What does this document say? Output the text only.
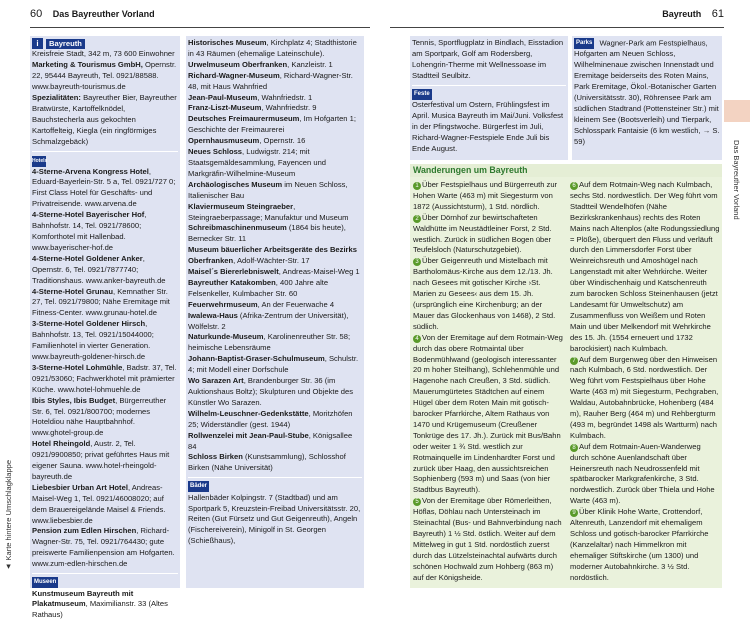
60 Das Bayreuther Vorland
▲ Karte hintere Umschlagklappe

i Bayreuth

Kreisfreie Stadt, 342 m, 73 600 Einwohner

Marketing & Tourismus GmbH, Opernstr. 22, 95444 Bayreuth, Tel. 0921/88588. www.bayreuth-tourismus.de

Spezialitäten: Bayreuther Bier, Bayreuther Bratwürste, Kartoffelknödel, Bauchstecherla aus gekochten Kartoffelteig, Kiegla (ein ringförmiges Schmalzgebäck)

Hotels

4-Sterne-Arvena Kongress Hotel, Eduard-Bayerlein-Str. 5 a, Tel. 0921/727 0; First Class Hotel für Geschäfts- und Privatreisende. www.arvena.de

4-Sterne-Hotel Bayerischer Hof, Bahnhofstr. 14, Tel. 0921/78600; Komforthotel mit Hallenbad. www.bayerischer-hof.de

4-Sterne-Hotel Goldener Anker, Opernstr. 6, Tel. 0921/7877740; Traditionshaus. www.anker-bayreuth.de

4-Sterne-Hotel Grunau, Kemnather Str. 27, Tel. 0921/79800; Nähe Eremitage mit Fitness-Center. www.grunau-hotel.de

3-Sterne-Hotel Goldener Hirsch, Bahnhofstr. 13, Tel. 0921/15044000; Familienhotel in vierter Generation. www.bayreuth-goldener-hirsch.de

3-Sterne-Hotel Lohmühle, Badstr. 37, Tel. 0921/53060; Fachwerkhotel mit prämierter Küche. www.hotel-lohmuehle.de

Ibis Styles, Ibis Budget, Bürgerreuther Str. 6, Tel. 0921/800700; modernes Hoteldiou nähe Hauptbahnhof. www.ghotel-group.de

Hotel Rheingold, Austr. 2, Tel. 0921/9900850; privat geführtes Haus mit eigener Sauna. www.hotel-rheingold-bayreuth.de

Liebesbier Urban Art Hotel, Andreas-Maisel-Weg 1, Tel. 0921/46008020; auf dem Brauereigelände Maisel & Friends. www.liebesbier.de

Pension zum Edlen Hirschen, Richard-Wagner-Str. 75, Tel. 0921/764430; gute preiswerte Familienpension am Hofgarten. www.zum-edlen-hirschen.de

Museen

Kunstmuseum Bayreuth mit Plakatmuseum, Maximilianstr. 33 (Altes Rathaus)

Historisches Museum, Kirchplatz 4; Stadthistorie in 43 Räumen (ehemalige Lateinschule).

Urwelmuseum Oberfranken, Kanzleistr. 1

Richard-Wagner-Museum, Richard-Wagner-Str. 48, mit Haus Wahnfried

Jean-Paul-Museum, Wahnfriedstr. 1

Franz-Liszt-Museum, Wahnfriedstr. 9

Deutsches Freimaurermuseum, Im Hofgarten 1; Geschichte der Freimaurerei

Opernhausmuseum, Opernstr. 16

Neues Schloss, Ludwigstr. 214; mit Staatsgemäldesammlung, Fayencen und Markgräfin-Wilhelmine-Museum

Archäologisches Museum im Neuen Schloss, Italienischer Bau

Klaviermuseum Steingraeber, Steingraeberpassage; Manufaktur und Museum

Schreibmaschinenmuseum (1864 bis heute), Bernecker Str. 11

Museum bäuerlicher Arbeitsgeräte des Bezirks Oberfranken, Adolf-Wächter-Str. 17

Maisel´s Biererlebniswelt, Andreas-Maisel-Weg 1

Bayreuther Katakomben, 400 Jahre alte Felsenkeller, Kulmbacher Str. 60

Feuerwehrmuseum, An der Feuerwache 4

Iwalewa-Haus (Afrika-Zentrum der Universität), Wölfelstr. 2

Naturkunde-Museum, Karolinenreuther Str. 58; heimische Lebensräume

Johann-Baptist-Graser-Schulmuseum, Schulstr. 4; mit Modell einer Dorfschule

Wo Sarazen Art, Brandenburger Str. 36 (im Auktionshaus Boltz); Skulpturen und Objekte des Künstler Wo Sarazen.

Wilhelm-Leuschner-Gedenkstätte, Moritzhöfen 25; Widerständler (gest. 1944)

Rollwenzelei mit Jean-Paul-Stube, Königsallee 84

Schloss Birken (Kunstsammlung), Schlosshof Birken (Nähe Universität)

Bäder

Hallenbäder Kolpingstr. 7 (Stadtbad) und am Sportpark 5, Kreuzstein-Freibad Universitätsstr. 20, Reiten (Gut Fürsetz und Gut Geigenreuth), Angeln (Fischereiverein), Minigolf in St. Georgen (Schießhaus),

Bayreuth 61
Das Bayreuther Vorland

Tennis, Sportflugplatz in Bindlach, Eisstadion am Sportpark, Golf am Rodersberg, Lohengrin-Therme mit Wellnessoase im Stadtteil Seulbitz.

Feste

Osterfestival um Ostern, Frühlingsfest im April. Musica Bayreuth im Mai/Juni. Volksfest in der Pfingstwoche. Bürgerfest im Juli, Richard-Wagner-Festspiele Ende Juli bis Ende August.

Parks Wagner-Park am Festspielhaus, Hofgarten am Neuen Schloss, Wilhelminenaue zwischen Innenstadt und Eremitage beiderseits des Roten Mains, Park Eremitage, Ökol.-Botanischer Garten (Universitätsstr. 30), Röhrensee Park am südlichen Stadtrand (Pottensteiner Str.) mit kleinem See (Bootsverleih) und Tierpark, Schlosspark Fantaisie (6 km westlich, → S. 59)

Wanderungen um Bayreuth

1 Über Festspielhaus und Bürgerreuth zur Hohen Warte (463 m) mit Siegesturm von 1872 (Aussichtsturm), 1 Std. nördlich.

2 Über Dörnhof zur bewirtschafteten Waldhütte im Neustädtleiner Forst, 2 Std. westlich. Zurück in südlichen Bogen über Teufelsloch (Naturschutzgebiet).

3 Über Geigenreuth und Mistelbach mit Bartholomäus-Kirche aus dem 12./13. Jh. nach Gesees mit gotischer Kirche ›St. Marien zu Gesees‹ aus dem 15. Jh. (ursprünglich eine Kirchenburg; an der Mauer das Glockenhaus von 1468), 2 Std. südlich.

4 Von der Eremitage auf dem Rotmain-Weg durch das obere Rotmaintal über Bodenmühlwand (geologisch interessanter 20 m hoher Steilhang), Schlehenmühle und Hagenohe nach Creußen, 3 Std. südlich. Mauerumgürtetes Städtchen auf einem Hügel über dem Roten Main mit gotisch-barocker Pfarrkirche, Altem Rathaus von 1470 und Krügemuseum (Creußener Tonkrüge des 17. Jh.). Zurück mit Bus/Bahn oder weiter 1 ¾ Std. westlich zur Rotmainquelle im Lindenhardter Forst und zurück über Haag, den aussichtsreichen Sophienberg (593 m) und Saas (von hier Stadtbus Bayreuth).

5 Von der Eremitage über Römerleithen, Höflas, Döhlau nach Untersteinach im Steinachtal (Bus- und Bahnverbindung nach Bayreuth) 1 ½ Std. östlich. Weiter auf dem Mittelweg in gut 1 Std. nordöstlich zuerst durch das Lützelsteinachtal aufwärts durch schönen Hochwald zum Hohberg (863 m) auf der Königsheide.

6 Auf dem Rotmain-Weg nach Kulmbach, sechs Std. nordwestlich. Der Weg führt vom Stadtteil Wendelhöfen (Nähe Bezirkskrankenhaus) rechts des Roten Mains nach Altenplos (alte Rodungssiedlung = Plöße), überquert den Fluss und verläuft durch den Limmersdorfer Forst über Weinreichsreuth und Amoshügel nach Langenstadt mit alter Wehrkirche. Weiter über Windischenhaig und Katschenreuth zum barocken Schloss Steinenhausen (jetzt Landesamt für Umweltschutz) am Zusammenfluss von Weißem und Roten Main und über Melkendorf mit Wehrkirche des 15. Jh. (1554 erneuert und 1732 barockisiert) nach Kulmbach.

7 Auf dem Burgenweg über den Hinweisen nach Kulmbach, 6 Std. nordwestlich. Der Weg führt vom Festspielhaus über Hohe Warte (463 m) mit Siegesturm, Pechgraben, Waldau, Autobahnbrücke, Hohenberg (484 m), Rauher Berg (464 m) und Rehbergturm (493 m, begründet 1498 als Wartturm) nach Kulmbach.

8 Auf dem Rotmain-Auen-Wanderweg durch schöne Auenlandschaft über Heinersreuth nach Neudrossenfeld mit spätbarocker Markgrafenkirche, 3 Std. nordwestlich. Zurück über Thiela und Hohe Warte (463 m).

9 Über Klinik Hohe Warte, Crottendorf, Altenreuth, Lanzendorf mit ehemaligem Schloss und gotisch-barocker Pfarrkirche (Kanzelaltar) nach Himmelkron mit ehemaliger Stiftskirche (um 1300) und moderner Autobahnkirche. 3 ½ Std. nordöstlich.
